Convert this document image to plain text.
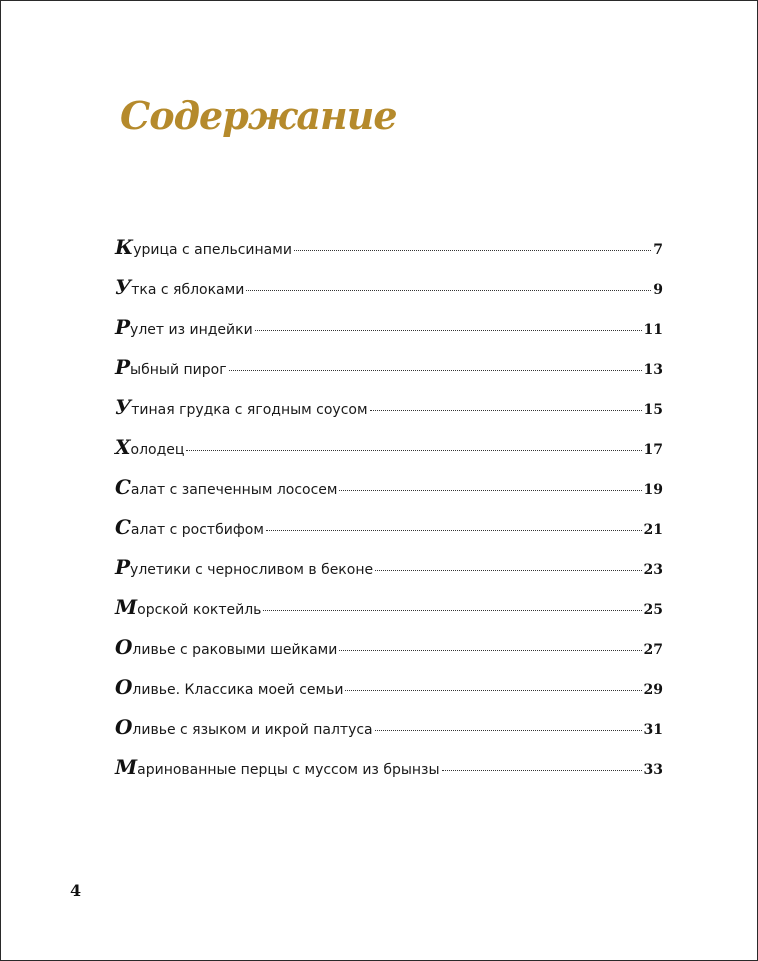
Содержание
Курица с апельсинами	7
Утка с яблоками	9
Рулет из индейки	11
Рыбный пирог	13
Утиная грудка с ягодным соусом	15
Холодец	17
Салат с запеченным лососем	19
Салат с ростбифом	21
Рулетики с черносливом в беконе	23
Морской коктейль	25
Оливье с раковыми шейками	27
Оливье. Классика моей семьи	29
Оливье с языком и икрой палтуса	31
Маринованные перцы с муссом из брынзы	33
4
